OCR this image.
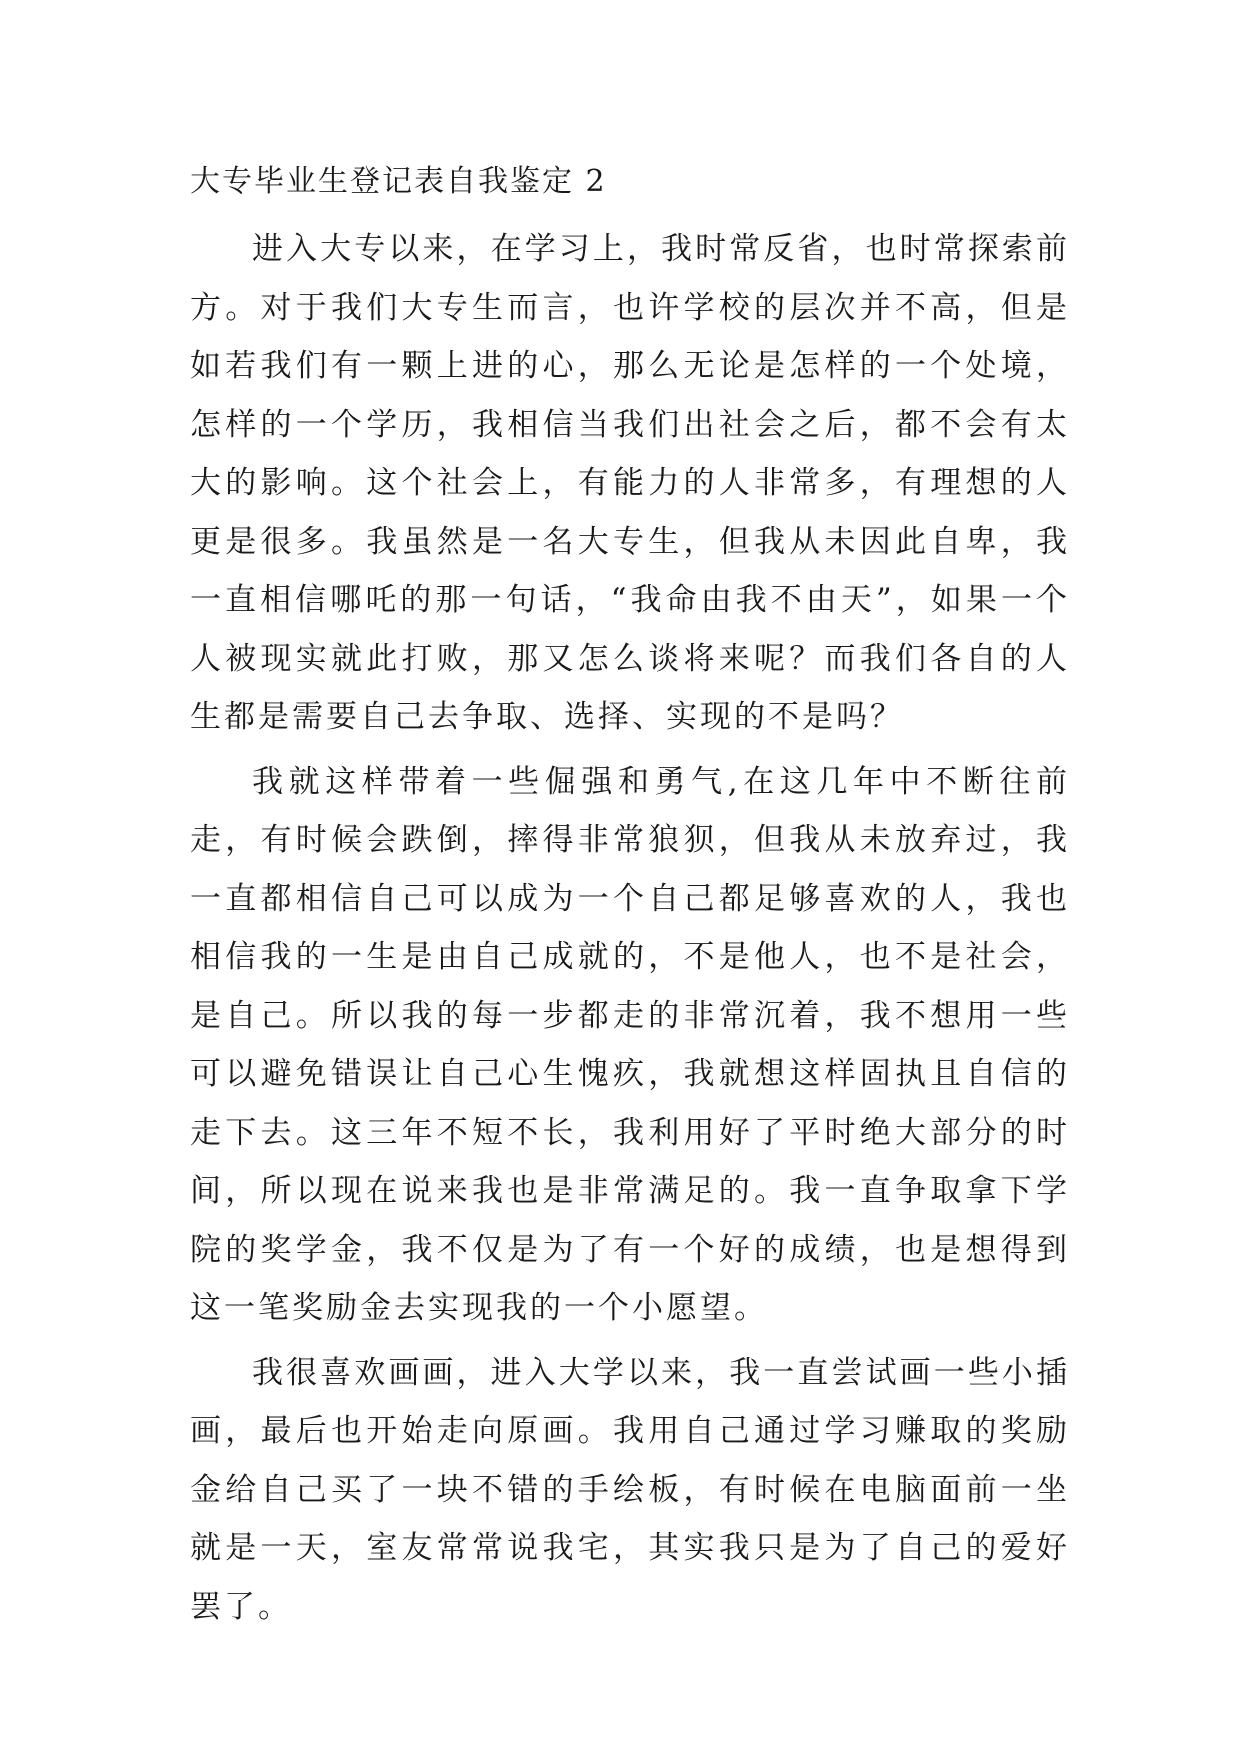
大专毕业生登记表自我鉴定 2

进入大专以来，在学习上，我时常反省，也时常探索前方。对于我们大专生而言，也许学校的层次并不高，但是如若我们有一颗上进的心，那么无论是怎样的一个处境，怎样的一个学历，我相信当我们出社会之后，都不会有太大的影响。这个社会上，有能力的人非常多，有理想的人更是很多。我虽然是一名大专生，但我从未因此自卑，我一直相信哪吒的那一句话，“我命由我不由天”，如果一个人被现实就此打败，那又怎么谈将来呢？而我们各自的人生都是需要自己去争取、选择、实现的不是吗？

我就这样带着一些倔强和勇气,在这几年中不断往前走，有时候会跌倒，摔得非常狼狈，但我从未放弃过，我一直都相信自己可以成为一个自己都足够喜欢的人，我也相信我的一生是由自己成就的，不是他人，也不是社会，是自己。所以我的每一步都走的非常沉着，我不想用一些可以避免错误让自己心生愧疚，我就想这样固执且自信的走下去。这三年不短不长，我利用好了平时绝大部分的时间，所以现在说来我也是非常满足的。我一直争取拿下学院的奖学金，我不仅是为了有一个好的成绩，也是想得到这一笔奖励金去实现我的一个小愿望。

我很喜欢画画，进入大学以来，我一直尝试画一些小插画，最后也开始走向原画。我用自己通过学习赚取的奖励金给自己买了一块不错的手绘板，有时候在电脑面前一坐就是一天，室友常常说我宅，其实我只是为了自己的爱好罢了。
